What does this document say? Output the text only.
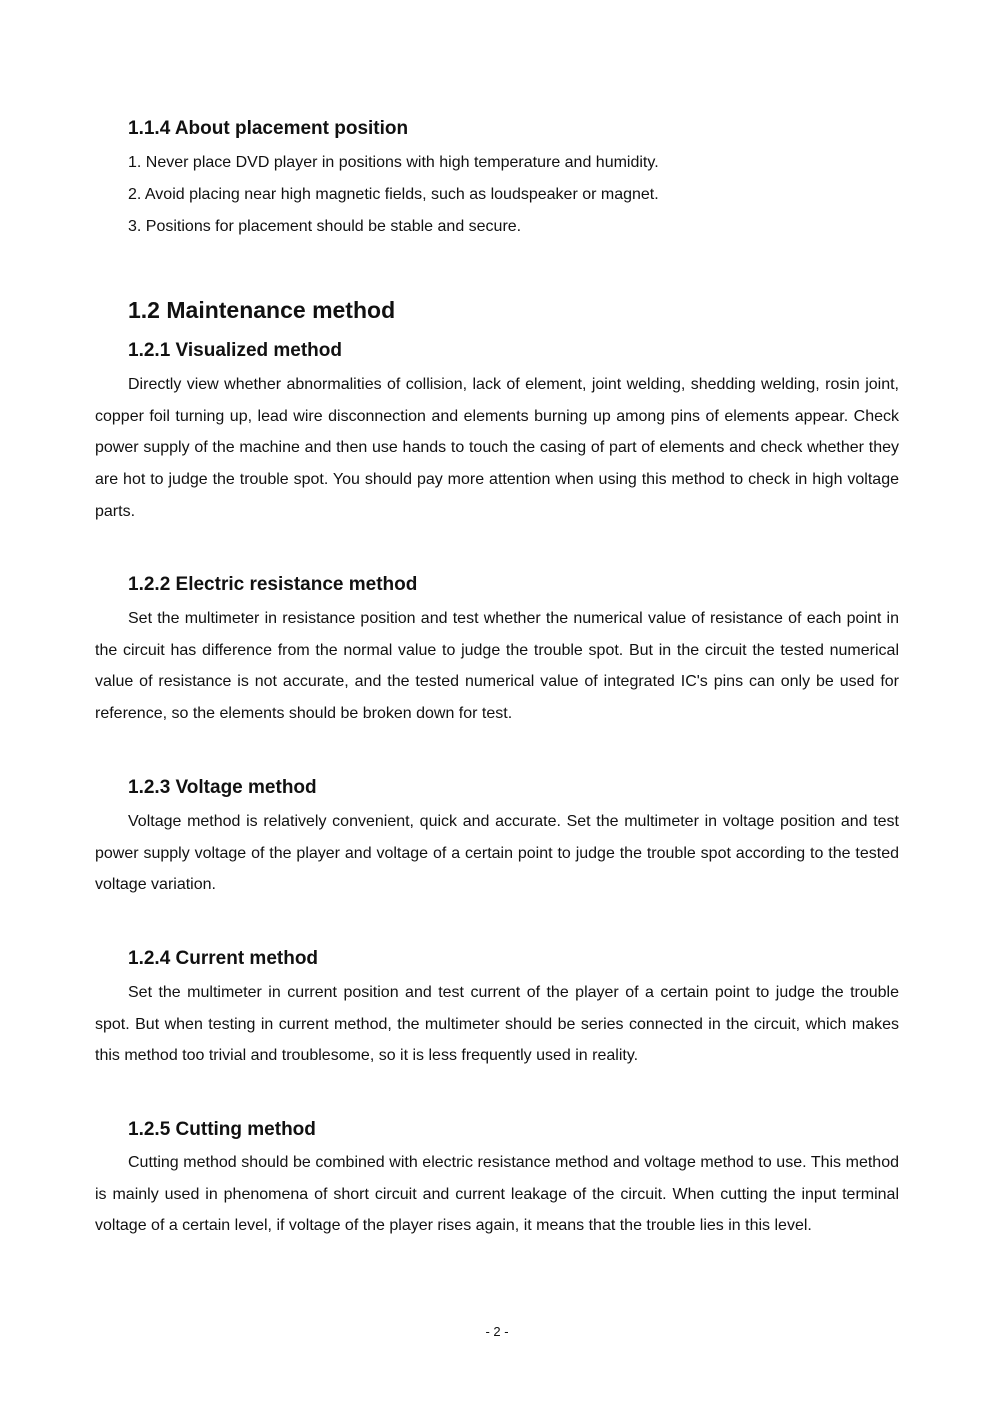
1.1.4 About placement position

1. Never place DVD player in positions with high temperature and humidity.

2. Avoid placing near high magnetic fields, such as loudspeaker or magnet.

3. Positions for placement should be stable and secure.

1.2 Maintenance method
1.2.1 Visualized method

Directly view whether abnormalities of collision, lack of element, joint welding, shedding welding, rosin joint, copper foil turning up, lead wire disconnection and elements burning up among pins of elements appear. Check power supply of the machine and then use hands to touch the casing of part of elements and check whether they are hot to judge the trouble spot. You should pay more attention when using this method to check in high voltage parts.

1.2.2 Electric resistance method

Set the multimeter in resistance position and test whether the numerical value of resistance of each point in the circuit has difference from the normal value to judge the trouble spot. But in the circuit the tested numerical value of resistance is not accurate, and the tested numerical value of integrated IC's pins can only be used for reference, so the elements should be broken down for test.

1.2.3 Voltage method

Voltage method is relatively convenient, quick and accurate. Set the multimeter in voltage position and test power supply voltage of the player and voltage of a certain point to judge the trouble spot according to the tested voltage variation.

1.2.4 Current method

Set the multimeter in current position and test current of the player of a certain point to judge the trouble spot. But when testing in current method, the multimeter should be series connected in the circuit, which makes this method too trivial and troublesome, so it is less frequently used in reality.

1.2.5 Cutting method

Cutting method should be combined with electric resistance method and voltage method to use. This method is mainly used in phenomena of short circuit and current leakage of the circuit. When cutting the input terminal voltage of a certain level, if voltage of the player rises again, it means that the trouble lies in this level.

- 2 -
